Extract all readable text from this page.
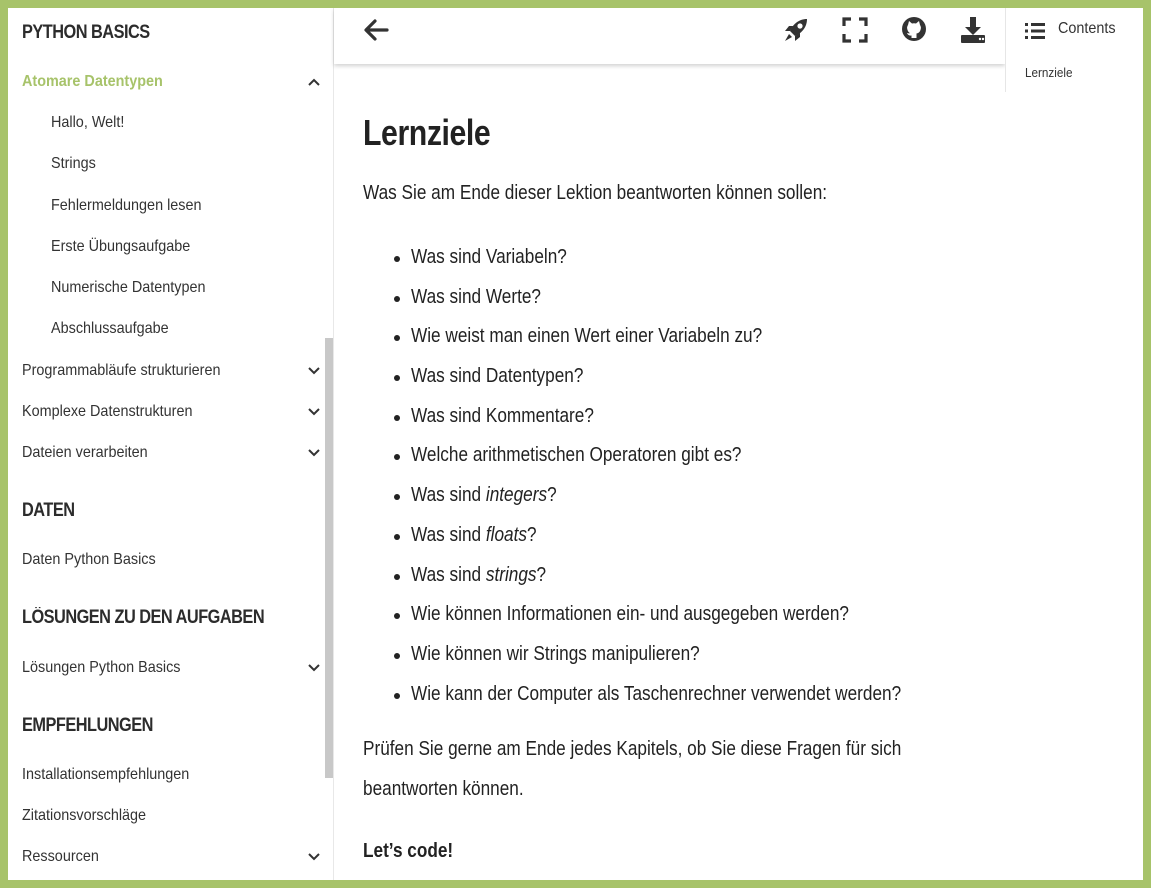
PYTHON BASICS
Atomare Datentypen
Hallo, Welt!
Strings
Fehlermeldungen lesen
Erste Übungsaufgabe
Numerische Datentypen
Abschlussaufgabe
Programmabläufe strukturieren
Komplexe Datenstrukturen
Dateien verarbeiten
DATEN
Daten Python Basics
LÖSUNGEN ZU DEN AUFGABEN
Lösungen Python Basics
EMPFEHLUNGEN
Installationsempfehlungen
Zitationsvorschläge
Ressourcen
Contents
Lernziele
Lernziele
Was Sie am Ende dieser Lektion beantworten können sollen:
Was sind Variabeln?
Was sind Werte?
Wie weist man einen Wert einer Variabeln zu?
Was sind Datentypen?
Was sind Kommentare?
Welche arithmetischen Operatoren gibt es?
Was sind integers?
Was sind floats?
Was sind strings?
Wie können Informationen ein- und ausgegeben werden?
Wie können wir Strings manipulieren?
Wie kann der Computer als Taschenrechner verwendet werden?
Prüfen Sie gerne am Ende jedes Kapitels, ob Sie diese Fragen für sich
beantworten können.
Let’s code!
